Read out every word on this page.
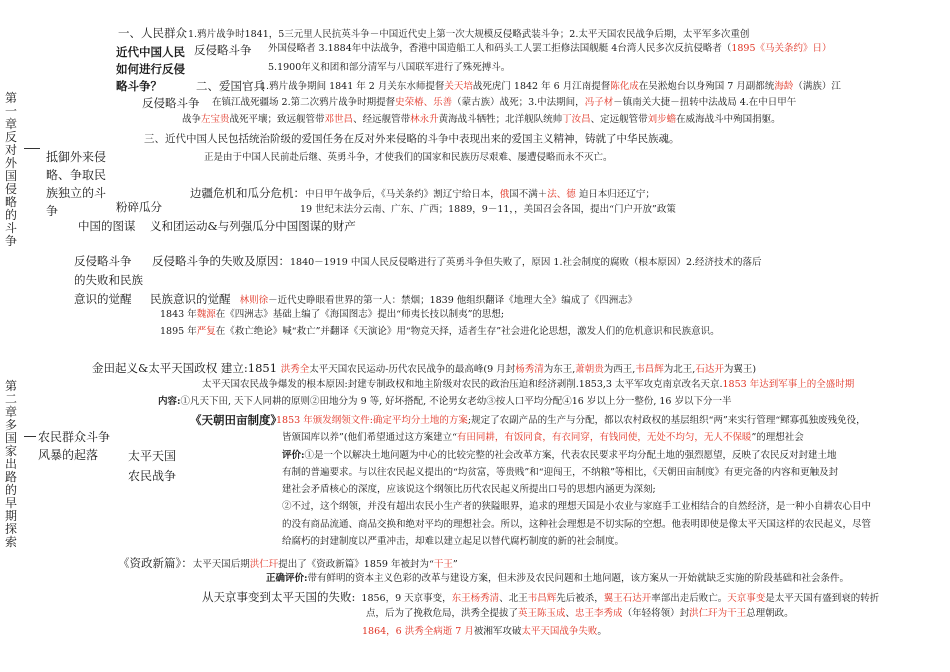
第一章反对外国侵略的斗争
抵御外来侵略、争取民族独立的斗争
近代中国人民如何进行反侵略斗争？
一、人民群众
反侵略斗争
1.鸦片战争时1841，5三元里人民抗英斗争－中国近代史上第一次大规模反侵略武装斗争；2.太平天国农民战争后期，太平军多次重创
外国侵略者 3.1884年中法战争，香港中国造船工人和码头工人罢工拒修法国舰艇 4台湾人民多次反抗侵略者（1895《马关条约》日）
5.1900年义和团和部分清军与八国联军进行了殊死搏斗。
二、爱国官兵
反侵略斗争
1.鸦片战争期间 1841 年 2 月关东水师提督关天培战死虎门 1842 年 6 月江南提督陈化成在吴淞炮台以身殉国 7 月副都统海龄（满族）江
在镇江战死疆场 2.第二次鸦片战争时期提督史荣椿、乐善（蒙古族）战死；3.中法期间，冯子材－镇南关大捷－扭转中法战局 4.在中日甲午
战争左宝贵战死平壤；致远舰管带邓世昌、经远舰管带林永升黄海战斗牺牲；北洋舰队统帅丁汝昌、定远舰管带刘步蟾在威海战斗中殉国捐躯。
三、近代中国人民包括统治阶级的爱国任务在反对外来侵略的斗争中表现出来的爱国主义精神，铸就了中华民族魂。
正是由于中国人民前赴后继、英勇斗争，才使我们的国家和民族历尽艰难、屡遭侵略而永不灭亡。
粉碎瓜分
中国的图谋
边疆危机和瓜分危机：中日甲午战争后，《马关条约》割辽宁给日本，俄国不满＋法、德 迫日本归还辽宁；
19 世纪末法分云南、广东、广西；1889，9－11，，美国召会各国，提出“门户开放”政策
义和团运动&与列强瓜分中国图谋的财产
反侵略斗争
的失败和民族
意识的觉醒
反侵略斗争的失败及原因：1840－1919 中国人民反侵略进行了英勇斗争但失败了，原因 1.社会制度的腐败（根本原因）2.经济技术的落后
民族意识的觉醒 林则徐－近代史睁眼看世界的第一人：禁烟；1839 他组织翻译《地理大全》编成了《四洲志》
1843 年魏源在《四洲志》基础上编了《海国图志》提出“师夷长技以制夷”的思想;
1895 年严复在《救亡绝论》喊“救亡”并翻译《天演论》用“物竞天择，适者生存”社会进化论思想，激发人们的危机意识和民族意识。
第二章多国家出路的早期探索
农民群众斗争风暴的起落	太平天国农民战争
金田起义&太平天国政权 建立:1851 洪秀全太平天国农民运动-历代农民战争的最高峰(9 月封杨秀清为东王,萧朝贵为西王,韦昌辉为北王,石达开为翼王)
太平天国农民战争爆发的根本原因:封建专制政权和地主阶级对农民的政治压迫和经济剥削.1853,3 太平军攻克南京改名天京.1853 年达到军事上的全盛时期
内容:①凡天下田, 天下人同耕的原则②田地分为 9 等, 好坏搭配, 不论男女老幼③按人口平均分配④16 岁以上分一整份, 16 岁以下分一半
《天朝田亩制度》
1853 年颁发纲领文件:确定平均分土地的方案;规定了农副产品的生产与分配，都以农村政权的基层组织“两”来实行管理“鳏寡孤独废残免役，
皆颁国库以养”(他们希望通过这方案建立“有田同耕，有饭同食，有衣同穿，有钱同使，无处不均匀，无人不保暖”的理想社会
评价:①是一个以解决土地问题为中心的比较完整的社会改革方案，代表农民要求平均分配土地的强烈愿望，反映了农民反对封建土地
有制的普遍要求。与以往农民起义提出的“均贫富，等贵贱”和“迎闯王，不纳粮”等相比，《天朝田亩制度》有更完备的内容和更触及封
建社会矛盾核心的深度，应该说这个纲领比历代农民起义所提出口号的思想内涵更为深刻;
②不过，这个纲领，并没有超出农民小生产者的狭隘眼界，追求的理想天国是小农业与家庭手工业相结合的自然经济，是一种小自耕农心目中
的没有商品流通、商品交换和绝对平均的理想社会。所以，这种社会理想是不切实际的空想。他表明即使是像太平天国这样的农民起义，尽管
给腐朽的封建制度以严重冲击，却难以建立起足以替代腐朽制度的新的社会制度。
《资政新篇》：太平天国后期洪仁玕提出了《资政新篇》1859 年被封为“干王”
正确评价:带有鲜明的资本主义色彩的改革与建设方案，但未涉及农民问题和土地问题，该方案从一开始就缺乏实施的阶段基础和社会条件。
从天京事变到太平天国的失败: 1856，9 天京事变，东王杨秀清、北王韦昌辉先后被杀，翼王石达开率部出走后败亡。天京事变是太平天国有盛到衰的转折
点，后为了挽救危局，洪秀全提拔了英王陈玉成、忠王李秀成（年轻将领）封洪仁玕为干王总理朝政。
1864，6 洪秀全病逝 7 月被湘军攻破太平天国战争失败。
